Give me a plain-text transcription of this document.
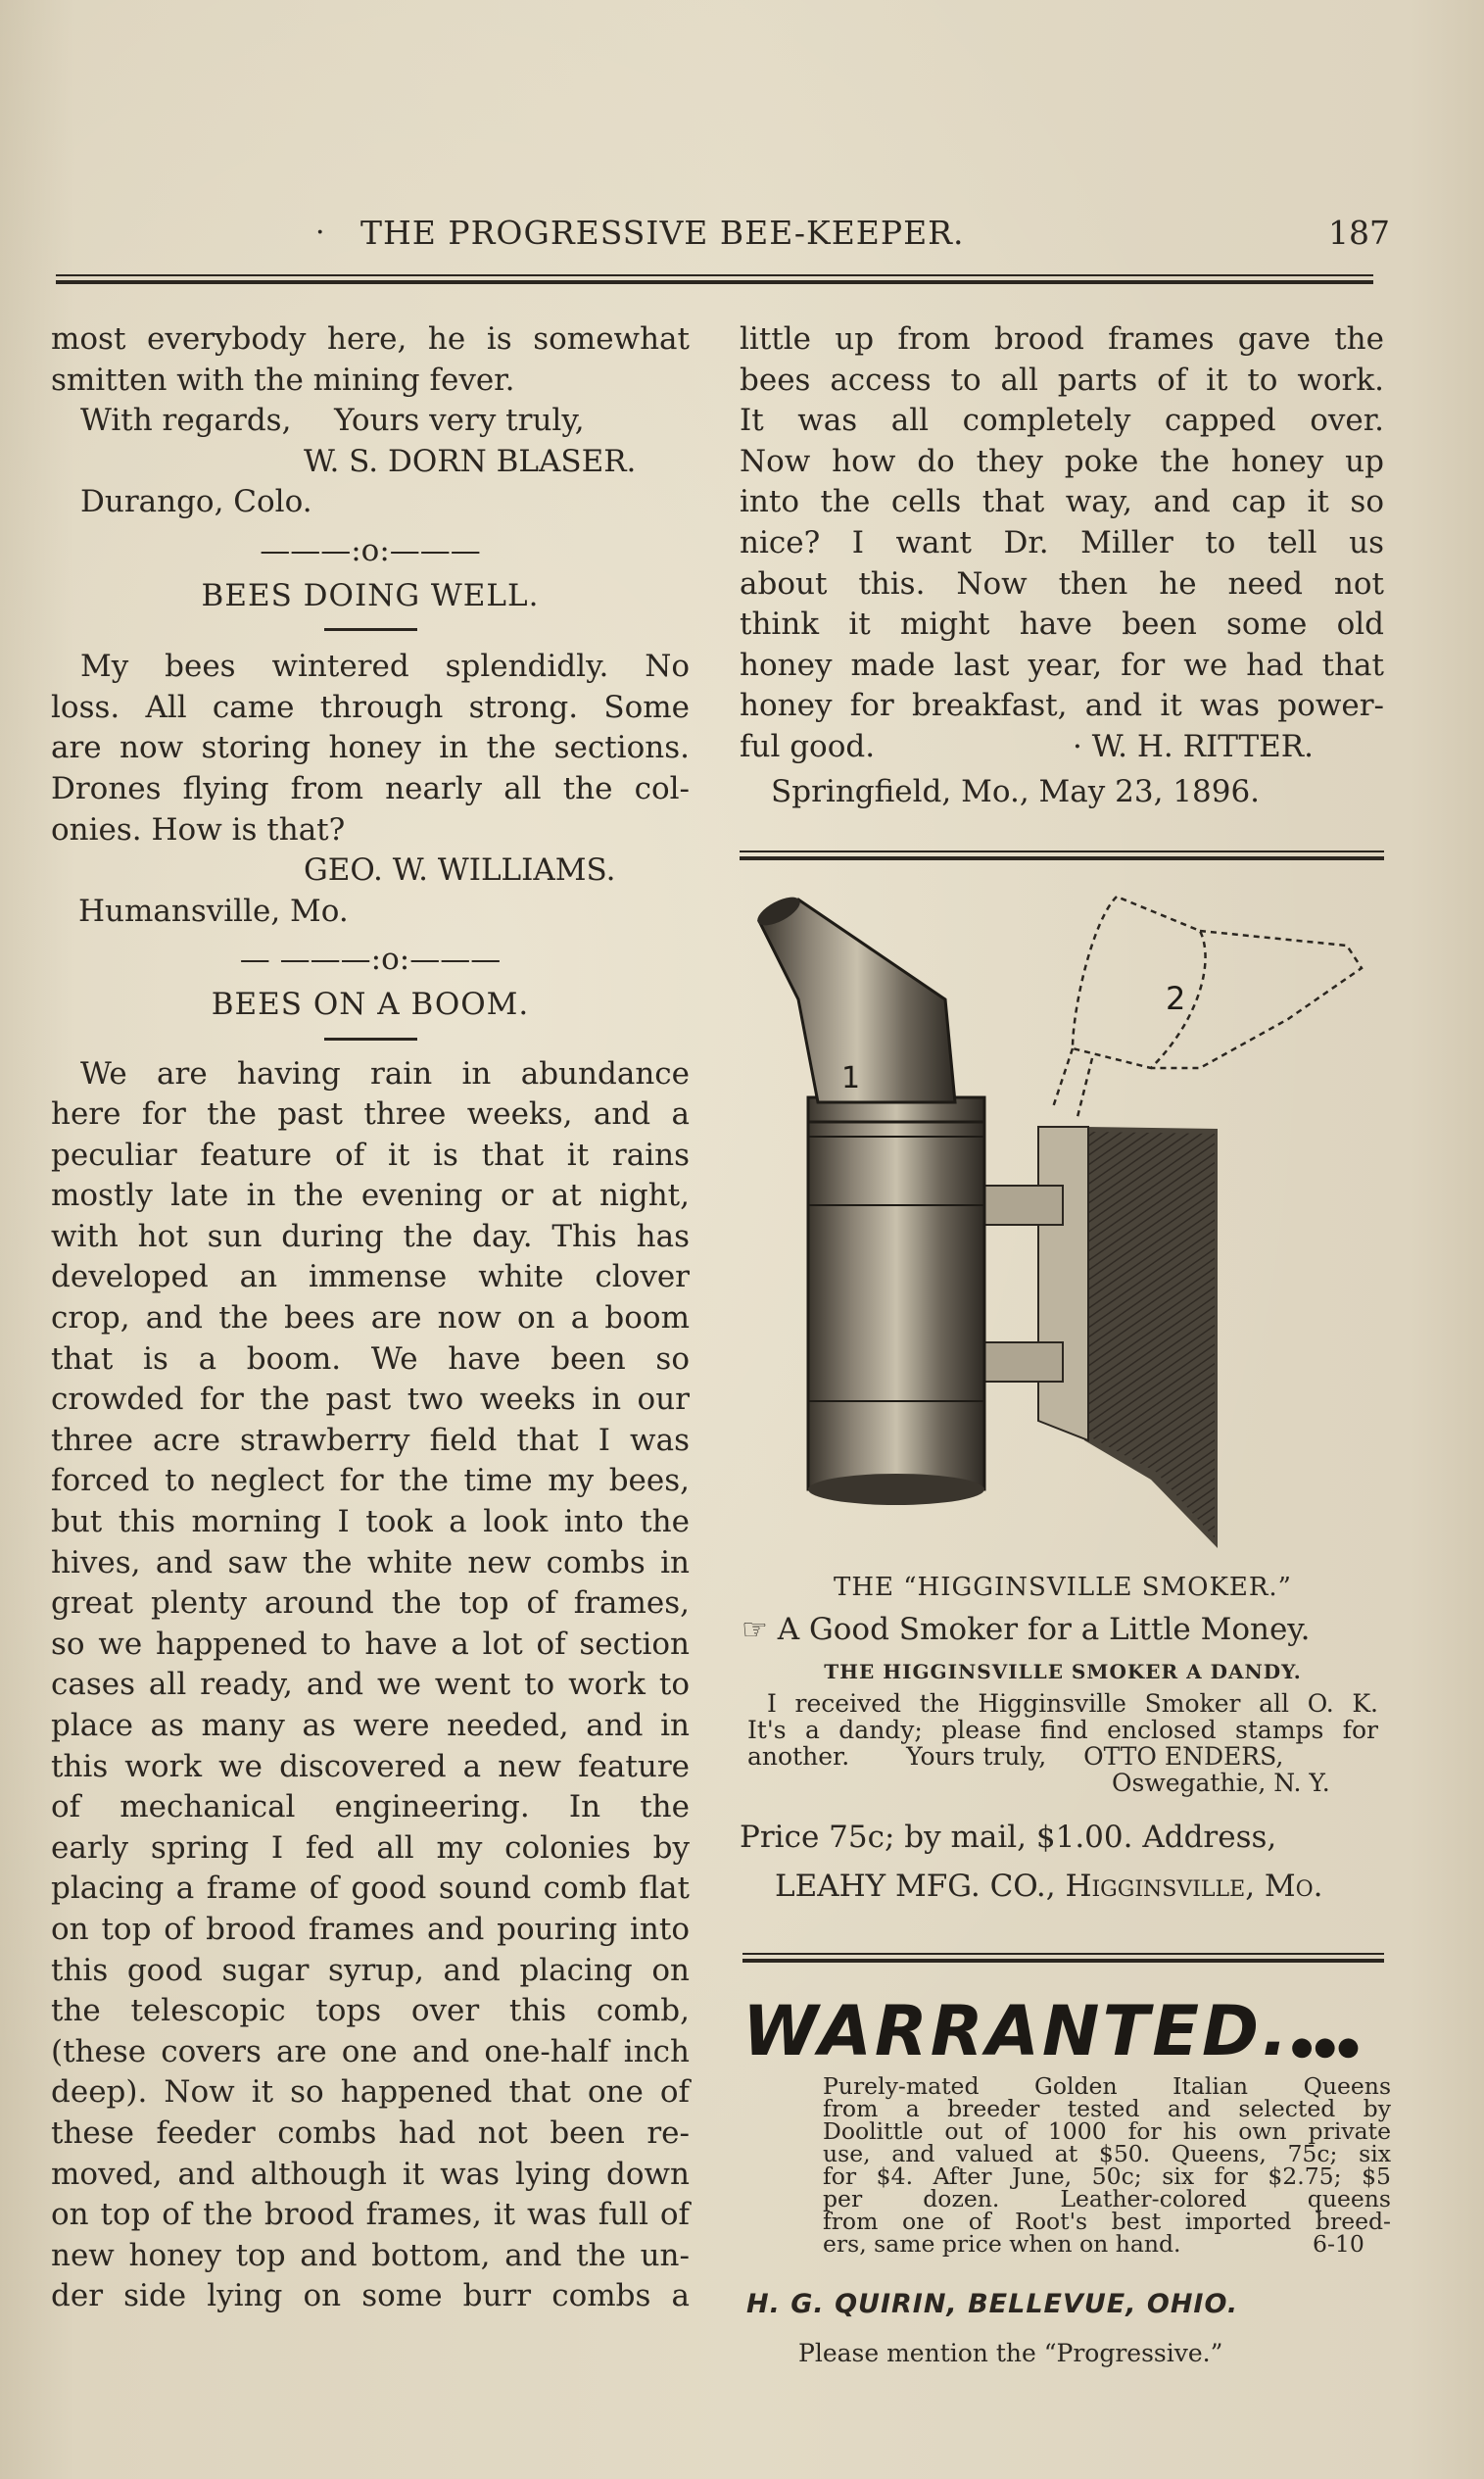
· THE PROGRESSIVE BEE-KEEPER.	187

most everybody here, he is somewhat

smitten with the mining fever.

With regards, Yours very truly,

W. S. DORN BLASER.

Durango, Colo.

———:o:———

BEES DOING WELL.

My bees wintered splendidly. No

loss. All came through strong. Some

are now storing honey in the sections.

Drones flying from nearly all the col-

onies. How is that?

GEO. W. WILLIAMS.

Humansville, Mo.

— ———:o:———

BEES ON A BOOM.

We are having rain in abundance

here for the past three weeks, and a

peculiar feature of it is that it rains

mostly late in the evening or at night,

with hot sun during the day. This has

developed an immense white clover

crop, and the bees are now on a boom

that is a boom. We have been so

crowded for the past two weeks in our

three acre strawberry field that I was

forced to neglect for the time my bees,

but this morning I took a look into the

hives, and saw the white new combs in

great plenty around the top of frames,

so we happened to have a lot of section

cases all ready, and we went to work to

place as many as were needed, and in

this work we discovered a new feature

of mechanical engineering. In the

early spring I fed all my colonies by

placing a frame of good sound comb flat

on top of brood frames and pouring into

this good sugar syrup, and placing on

the telescopic tops over this comb,

(these covers are one and one-half inch

deep). Now it so happened that one of

these feeder combs had not been re-

moved, and although it was lying down

on top of the brood frames, it was full of

new honey top and bottom, and the un-

der side lying on some burr combs a

little up from brood frames gave the

bees access to all parts of it to work.

It was all completely capped over.

Now how do they poke the honey up

into the cells that way, and cap it so

nice? I want Dr. Miller to tell us

about this. Now then he need not

think it might have been some old

honey made last year, for we had that

honey for breakfast, and it was power-

ful good.	· W. H. RITTER.

Springfield, Mo., May 23, 1896.

1
2

THE “HIGGINSVILLE SMOKER.”

☞ A Good Smoker for a Little Money.

THE HIGGINSVILLE SMOKER A DANDY.

I received the Higginsville Smoker all O. K.

It's a dandy; please find enclosed stamps for

another. Yours truly, OTTO ENDERS,

Oswegathie, N. Y.

Price 75c; by mail, $1.00. Address,

LEAHY MFG. CO., Higginsville, Mo.

WARRANTED.●●●

Purely-mated Golden Italian Queens

from a breeder tested and selected by

Doolittle out of 1000 for his own private

use, and valued at $50. Queens, 75c; six

for $4. After June, 50c; six for $2.75; $5

per dozen. Leather-colored queens

from one of Root's best imported breed-

ers, same price when on hand.	6-10

H. G. QUIRIN, BELLEVUE, OHIO.
Please mention the “Progressive.”
